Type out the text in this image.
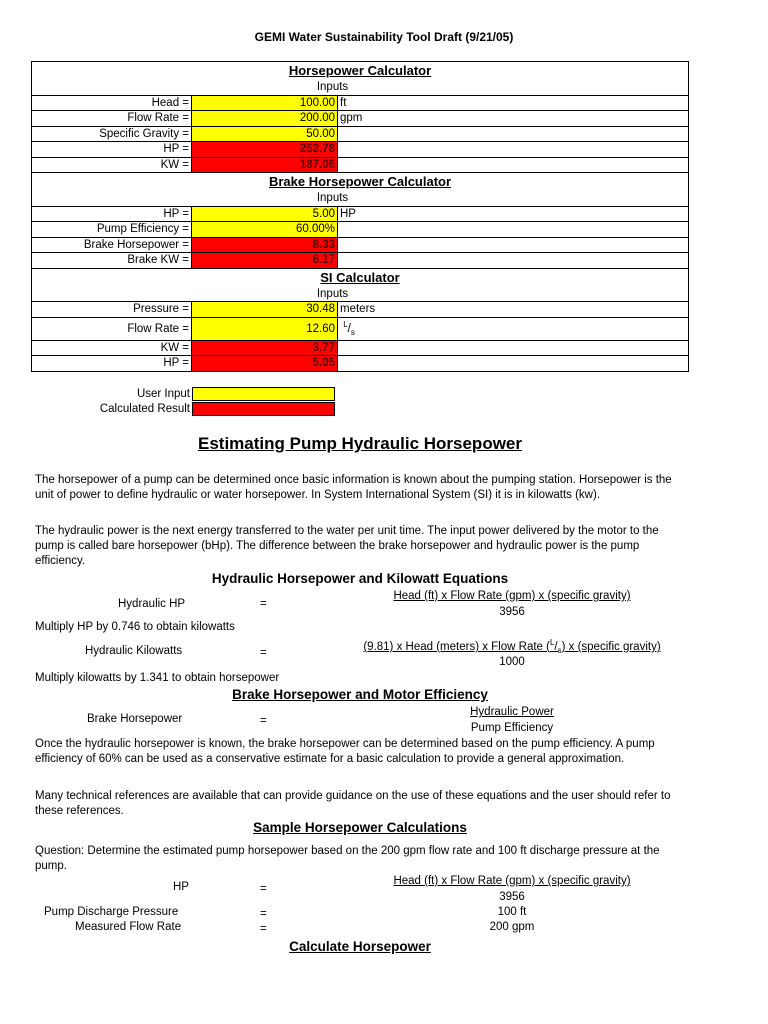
GEMI Water Sustainability Tool Draft (9/21/05)
Horsepower Calculator			

Inputs			

Head =	100.00	ft	
Flow Rate =	200.00	gpm	
Specific Gravity =	50.00		
HP =	252.78		
KW =	187.06		
Brake Horsepower Calculator			

Inputs			

HP =	5.00	HP	
Pump Efficiency =	60.00%		
Brake Horsepower =	8.33		
Brake KW =	6.17		
SI Calculator			

Inputs			

Pressure =	30.48	meters	
Flow Rate =	12.60	$^L/_s$	
KW =	3.77		
HP =	5.05		
User Input
Calculated Result
Estimating Pump Hydraulic Horsepower
The horsepower of a pump can be determined once basic information is known about the pumping station. Horsepower is the unit of power to define hydraulic or water horsepower. In System International System (SI) it is in kilowatts (kw).
The hydraulic power is the next energy transferred to the water per unit time. The input power delivered by the motor to the pump is called bare horsepower (bHp). The difference between the brake horsepower and hydraulic power is the pump efficiency.
Hydraulic Horsepower and Kilowatt Equations
Hydraulic HP	=
Head (ft) x Flow Rate (gpm) x (specific gravity)
3956
Multiply HP by 0.746 to obtain kilowatts
Hydraulic Kilowatts	=
(9.81) x Head (meters) x Flow Rate $(^L/_s)$ x (specific gravity)
1000
Multiply kilowatts by 1.341 to obtain horsepower
Brake Horsepower and Motor Efficiency
Brake Horsepower	=
Hydraulic Power
Pump Efficiency
Once the hydraulic horsepower is known, the brake horsepower can be determined based on the pump efficiency. A pump efficiency of 60% can be used as a conservative estimate for a basic calculation to provide a general approximation.
Many technical references are available that can provide guidance on the use of these equations and the user should refer to these references.
Sample Horsepower Calculations
Question: Determine the estimated pump horsepower based on the 200 gpm flow rate and 100 ft discharge pressure at the pump.
HP	=
Head (ft) x Flow Rate (gpm) x (specific gravity)
3956
Pump Discharge Pressure	=	100 ft
Measured Flow Rate	=	200 gpm
Calculate Horsepower
